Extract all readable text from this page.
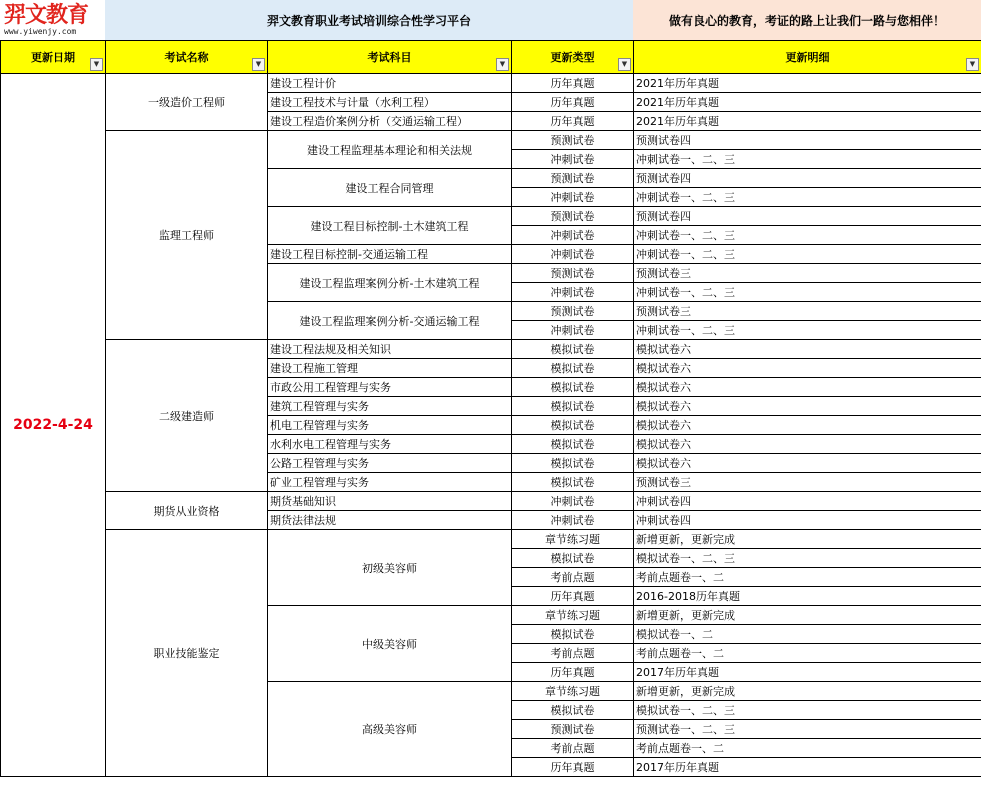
羿文教育
www.yiwenjy.com
羿文教育职业考试培训综合性学习平台	做有良心的教育，考证的路上让我们一路与您相伴！
更新日期 ▼	考试名称 ▼	考试科目 ▼	更新类型 ▼	更新明细 ▼

2022-4-24	一级造价工程师	建设工程计价	历年真题	2021年历年真题
		建设工程技术与计量（水利工程）	历年真题	2021年历年真题
		建设工程造价案例分析（交通运输工程）	历年真题	2021年历年真题
	监理工程师	建设工程监理基本理论和相关法规	预测试卷	预测试卷四
			冲刺试卷	冲刺试卷一、二、三
		建设工程合同管理	预测试卷	预测试卷四
			冲刺试卷	冲刺试卷一、二、三
		建设工程目标控制-土木建筑工程	预测试卷	预测试卷四
			冲刺试卷	冲刺试卷一、二、三
		建设工程目标控制-交通运输工程	冲刺试卷	冲刺试卷一、二、三
		建设工程监理案例分析-土木建筑工程	预测试卷	预测试卷三
			冲刺试卷	冲刺试卷一、二、三
		建设工程监理案例分析-交通运输工程	预测试卷	预测试卷三
			冲刺试卷	冲刺试卷一、二、三
	二级建造师	建设工程法规及相关知识	模拟试卷	模拟试卷六
		建设工程施工管理	模拟试卷	模拟试卷六
		市政公用工程管理与实务	模拟试卷	模拟试卷六
		建筑工程管理与实务	模拟试卷	模拟试卷六
		机电工程管理与实务	模拟试卷	模拟试卷六
		水利水电工程管理与实务	模拟试卷	模拟试卷六
		公路工程管理与实务	模拟试卷	模拟试卷六
		矿业工程管理与实务	模拟试卷	预测试卷三
	期货从业资格	期货基础知识	冲刺试卷	冲刺试卷四
		期货法律法规	冲刺试卷	冲刺试卷四
	职业技能鉴定	初级美容师	章节练习题	新增更新，更新完成
			模拟试卷	模拟试卷一、二、三
			考前点题	考前点题卷一、二
			历年真题	2016-2018历年真题
		中级美容师	章节练习题	新增更新，更新完成
			模拟试卷	模拟试卷一、二
			考前点题	考前点题卷一、二
			历年真题	2017年历年真题
		高级美容师	章节练习题	新增更新，更新完成
			模拟试卷	模拟试卷一、二、三
			预测试卷	预测试卷一、二、三
			考前点题	考前点题卷一、二
			历年真题	2017年历年真题
